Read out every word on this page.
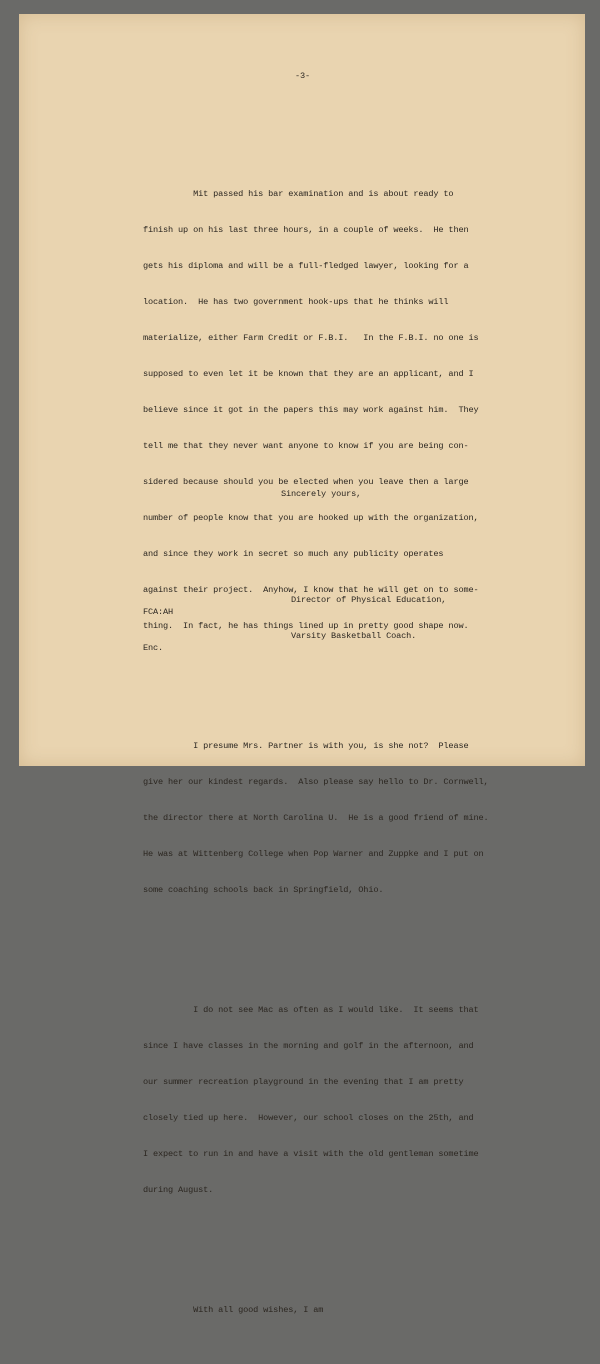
-3-

Mit passed his bar examination and is about ready to

finish up on his last three hours, in a couple of weeks.  He then

gets his diploma and will be a full-fledged lawyer, looking for a

location.  He has two government hook-ups that he thinks will

materialize, either Farm Credit or F.B.I.   In the F.B.I. no one is

supposed to even let it be known that they are an applicant, and I

believe since it got in the papers this may work against him.  They

tell me that they never want anyone to know if you are being con-

sidered because should you be elected when you leave then a large

number of people know that you are hooked up with the organization,

and since they work in secret so much any publicity operates

against their project.  Anyhow, I know that he will get on to some-

thing.  In fact, he has things lined up in pretty good shape now.

I presume Mrs. Partner is with you, is she not?  Please

give her our kindest regards.  Also please say hello to Dr. Cornwell,

the director there at North Carolina U.  He is a good friend of mine.

He was at Wittenberg College when Pop Warner and Zuppke and I put on

some coaching schools back in Springfield, Ohio.

I do not see Mac as often as I would like.  It seems that

since I have classes in the morning and golf in the afternoon, and

our summer recreation playground in the evening that I am pretty

closely tied up here.  However, our school closes on the 25th, and

I expect to run in and have a visit with the old gentleman sometime

during August.

With all good wishes, I am

Sincerely yours,

Director of Physical Education,

Varsity Basketball Coach.

FCA:AH

Enc.
